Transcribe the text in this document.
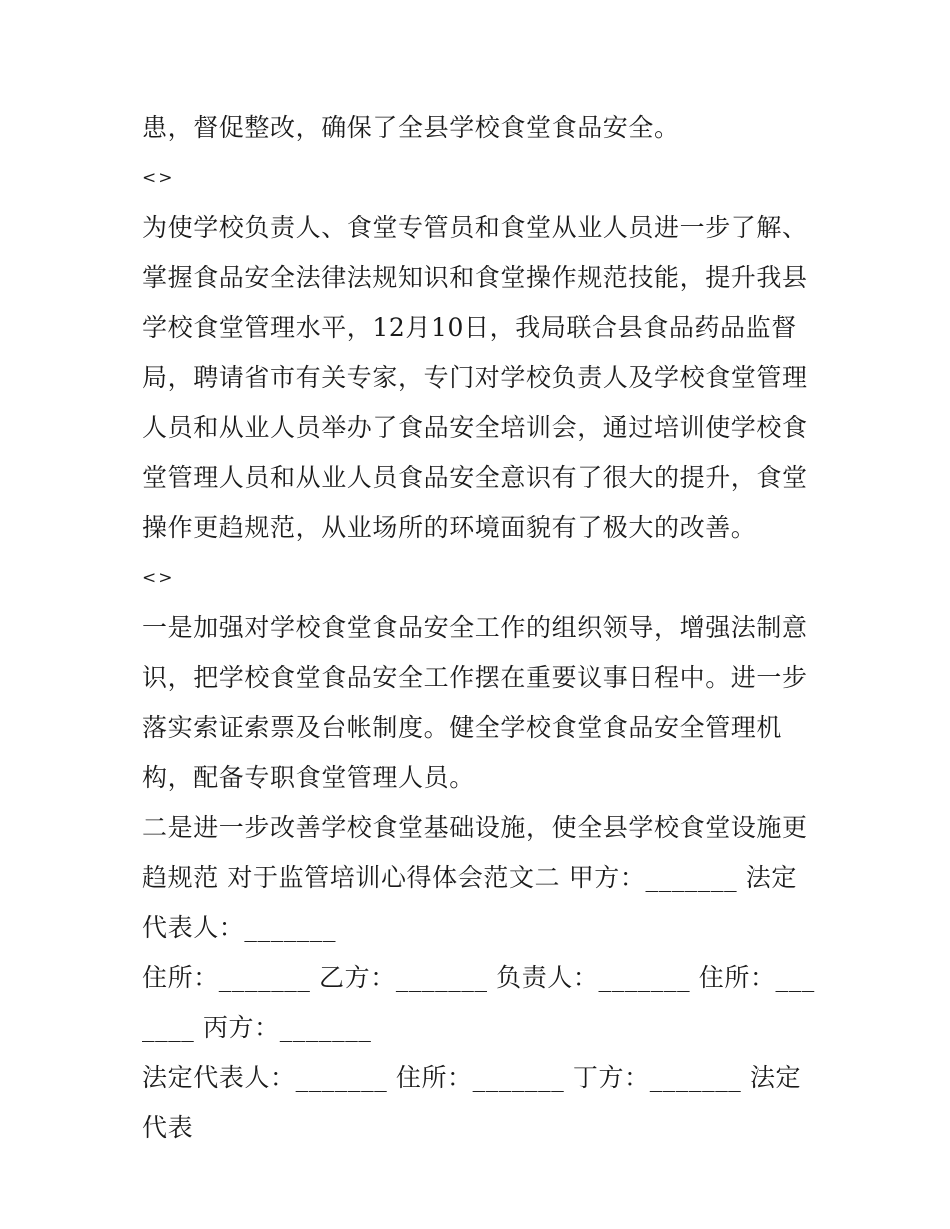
患，督促整改，确保了全县学校食堂食品安全。

<>

为使学校负责人、食堂专管员和食堂从业人员进一步了解、掌握食品安全法律法规知识和食堂操作规范技能，提升我县学校食堂管理水平，12月10日，我局联合县食品药品监督局，聘请省市有关专家，专门对学校负责人及学校食堂管理人员和从业人员举办了食品安全培训会，通过培训使学校食堂管理人员和从业人员食品安全意识有了很大的提升，食堂操作更趋规范，从业场所的环境面貌有了极大的改善。

<>

一是加强对学校食堂食品安全工作的组织领导，增强法制意识，把学校食堂食品安全工作摆在重要议事日程中。进一步落实索证索票及台帐制度。健全学校食堂食品安全管理机构，配备专职食堂管理人员。

二是进一步改善学校食堂基础设施，使全县学校食堂设施更趋规范 对于监管培训心得体会范文二 甲方：_______ 法定代表人：_______

住所：_______ 乙方：_______ 负责人：_______ 住所：_______ 丙方：_______

法定代表人：_______ 住所：_______ 丁方：_______ 法定代表
